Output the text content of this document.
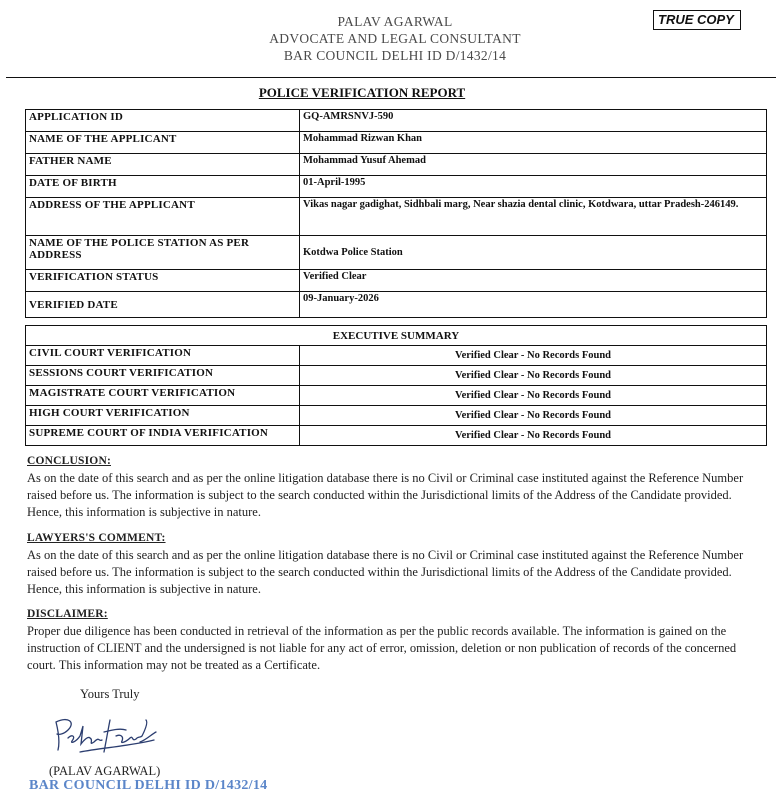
PALAV AGARWAL
ADVOCATE AND LEGAL CONSULTANT
BAR COUNCIL DELHI ID D/1432/14
TRUE COPY
POLICE VERIFICATION REPORT
APPLICATION ID	GQ-AMRSNVJ-590
NAME OF THE APPLICANT	Mohammad Rizwan Khan
FATHER NAME	Mohammad Yusuf Ahemad
DATE OF BIRTH	01-April-1995
ADDRESS OF THE APPLICANT	Vikas nagar gadighat, Sidhbali marg, Near shazia dental clinic, Kotdwara, uttar Pradesh-246149.
NAME OF THE POLICE STATION AS PER ADDRESS	Kotdwa Police Station
VERIFICATION STATUS	Verified Clear
VERIFIED DATE	09-January-2026
EXECUTIVE SUMMARY	
CIVIL COURT VERIFICATION	Verified Clear - No Records Found
SESSIONS COURT VERIFICATION	Verified Clear - No Records Found
MAGISTRATE COURT VERIFICATION	Verified Clear - No Records Found
HIGH COURT VERIFICATION	Verified Clear - No Records Found
SUPREME COURT OF INDIA VERIFICATION	Verified Clear - No Records Found
CONCLUSION:

As on the date of this search and as per the online litigation database there is no Civil or Criminal case instituted against the Reference Number raised before us. The information is subject to the search conducted within the Jurisdictional limits of the Address of the Candidate provided. Hence, this information is subjective in nature.

LAWYERS'S COMMENT:

As on the date of this search and as per the online litigation database there is no Civil or Criminal case instituted against the Reference Number raised before us. The information is subject to the search conducted within the Jurisdictional limits of the Address of the Candidate provided. Hence, this information is subjective in nature.

DISCLAIMER:

Proper due diligence has been conducted in retrieval of the information as per the public records available. The information is gained on the instruction of CLIENT and the undersigned is not liable for any act of error, omission, deletion or non publication of records of the concerned court. This information may not be treated as a Certificate.

Yours Truly
(PALAV AGARWAL)
BAR COUNCIL DELHI ID D/1432/14
